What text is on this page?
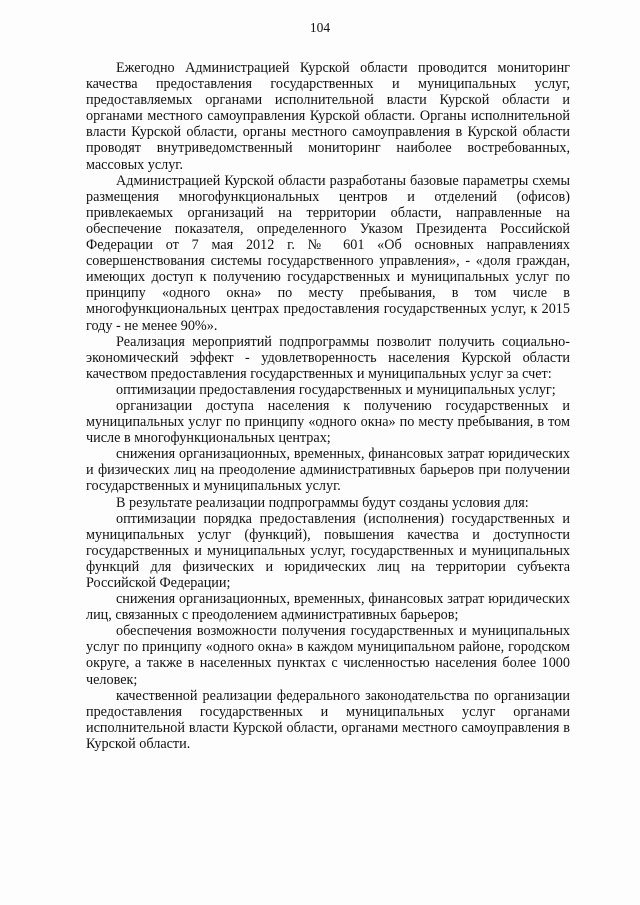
104

Ежегодно Администрацией Курской области проводится мониторинг качества предоставления государственных и муниципальных услуг, предоставляемых органами исполнительной власти Курской области и органами местного самоуправления Курской области. Органы исполнительной власти Курской области, органы местного самоуправления в Курской области проводят внутриведомственный мониторинг наиболее востребованных, массовых услуг.

Администрацией Курской области разработаны базовые параметры схемы размещения многофункциональных центров и отделений (офисов) привлекаемых организаций на территории области, направленные на обеспечение показателя, определенного Указом Президента Российской Федерации от 7 мая 2012 г. № 601 «Об основных направлениях совершенствования системы государственного управления», - «доля граждан, имеющих доступ к получению государственных и муниципальных услуг по принципу «одного окна» по месту пребывания, в том числе в многофункциональных центрах предоставления государственных услуг, к 2015 году - не менее 90%».

Реализация мероприятий подпрограммы позволит получить социально-экономический эффект - удовлетворенность населения Курской области качеством предоставления государственных и муниципальных услуг за счет:

оптимизации предоставления государственных и муниципальных услуг;

организации доступа населения к получению государственных и муниципальных услуг по принципу «одного окна» по месту пребывания, в том числе в многофункциональных центрах;

снижения организационных, временных, финансовых затрат юридических и физических лиц на преодоление административных барьеров при получении государственных и муниципальных услуг.

В результате реализации подпрограммы будут созданы условия для:

оптимизации порядка предоставления (исполнения) государственных и муниципальных услуг (функций), повышения качества и доступности государственных и муниципальных услуг, государственных и муниципальных функций для физических и юридических лиц на территории субъекта Российской Федерации;

снижения организационных, временных, финансовых затрат юридических лиц, связанных с преодолением административных барьеров;

обеспечения возможности получения государственных и муниципальных услуг по принципу «одного окна» в каждом муниципальном районе, городском округе, а также в населенных пунктах с численностью населения более 1000 человек;

качественной реализации федерального законодательства по организации предоставления государственных и муниципальных услуг органами исполнительной власти Курской области, органами местного самоуправления в Курской области.
